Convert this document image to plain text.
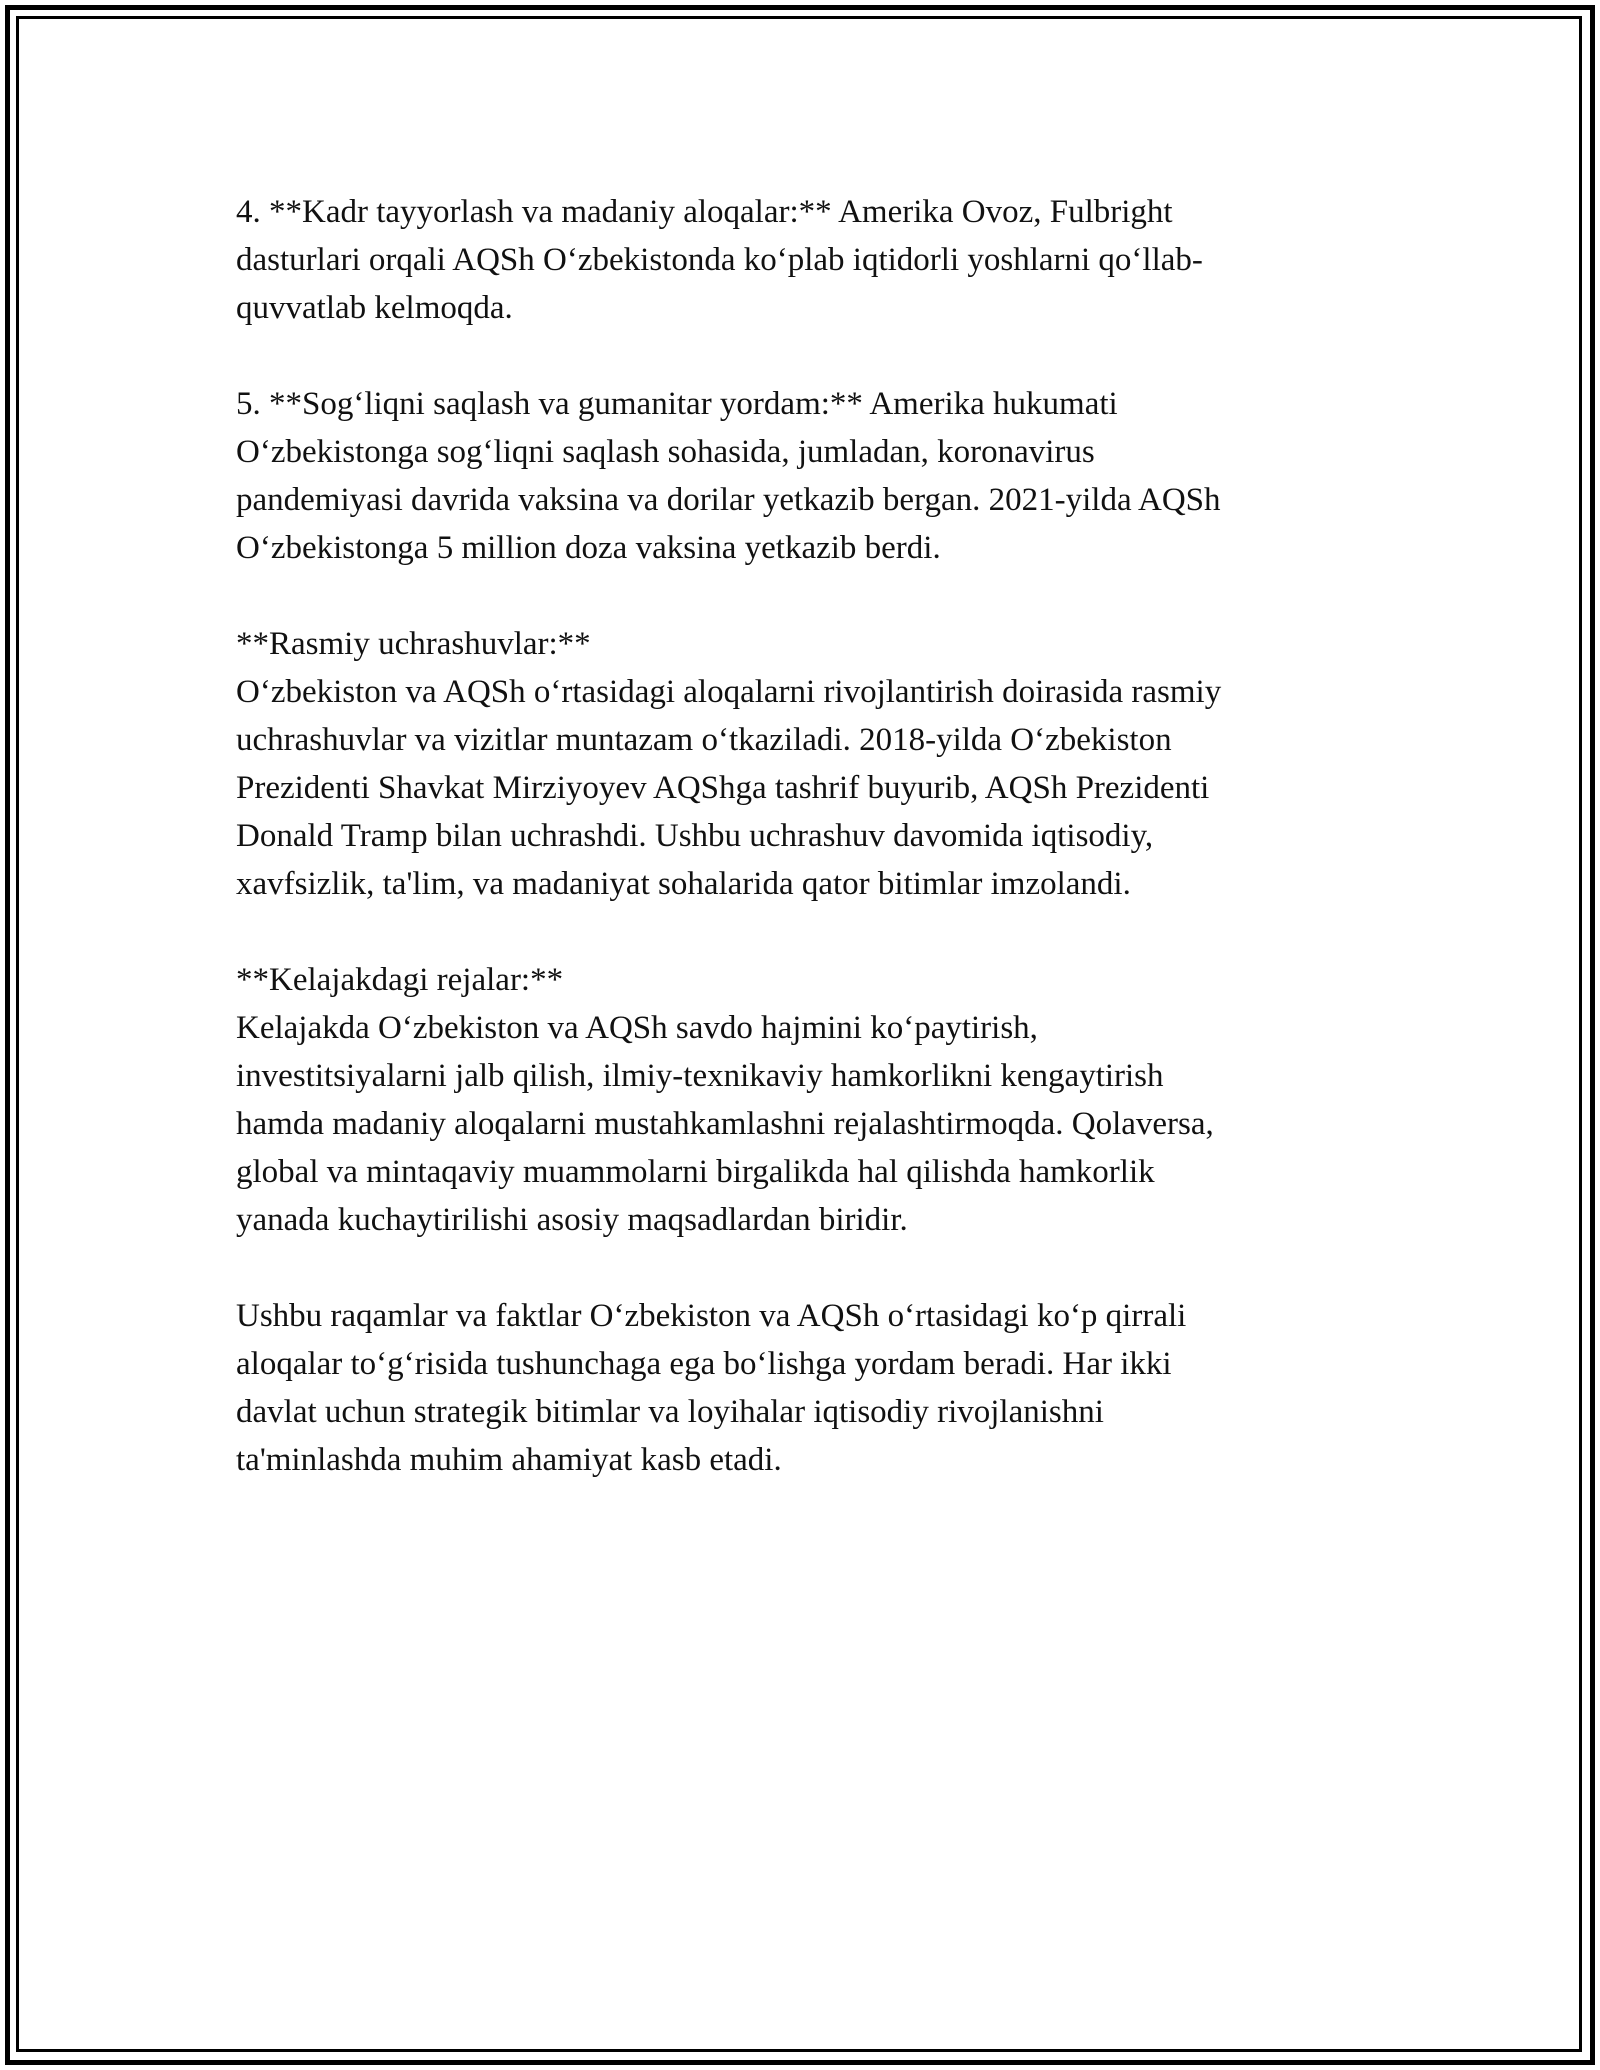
4. **Kadr tayyorlash va madaniy aloqalar:** Amerika Ovoz, Fulbright
dasturlari orqali AQSh O‘zbekistonda ko‘plab iqtidorli yoshlarni qo‘llab-
quvvatlab kelmoqda.

5. **Sog‘liqni saqlash va gumanitar yordam:** Amerika hukumati
O‘zbekistonga sog‘liqni saqlash sohasida, jumladan, koronavirus
pandemiyasi davrida vaksina va dorilar yetkazib bergan. 2021-yilda AQSh
O‘zbekistonga 5 million doza vaksina yetkazib berdi.

**Rasmiy uchrashuvlar:**

O‘zbekiston va AQSh o‘rtasidagi aloqalarni rivojlantirish doirasida rasmiy
uchrashuvlar va vizitlar muntazam o‘tkaziladi. 2018-yilda O‘zbekiston
Prezidenti Shavkat Mirziyoyev AQShga tashrif buyurib, AQSh Prezidenti
Donald Tramp bilan uchrashdi. Ushbu uchrashuv davomida iqtisodiy,
xavfsizlik, ta'lim, va madaniyat sohalarida qator bitimlar imzolandi.

**Kelajakdagi rejalar:**

Kelajakda O‘zbekiston va AQSh savdo hajmini ko‘paytirish,
investitsiyalarni jalb qilish, ilmiy-texnikaviy hamkorlikni kengaytirish
hamda madaniy aloqalarni mustahkamlashni rejalashtirmoqda. Qolaversa,
global va mintaqaviy muammolarni birgalikda hal qilishda hamkorlik
yanada kuchaytirilishi asosiy maqsadlardan biridir.

Ushbu raqamlar va faktlar O‘zbekiston va AQSh o‘rtasidagi ko‘p qirrali
aloqalar to‘g‘risida tushunchaga ega bo‘lishga yordam beradi. Har ikki
davlat uchun strategik bitimlar va loyihalar iqtisodiy rivojlanishni
ta'minlashda muhim ahamiyat kasb etadi.
